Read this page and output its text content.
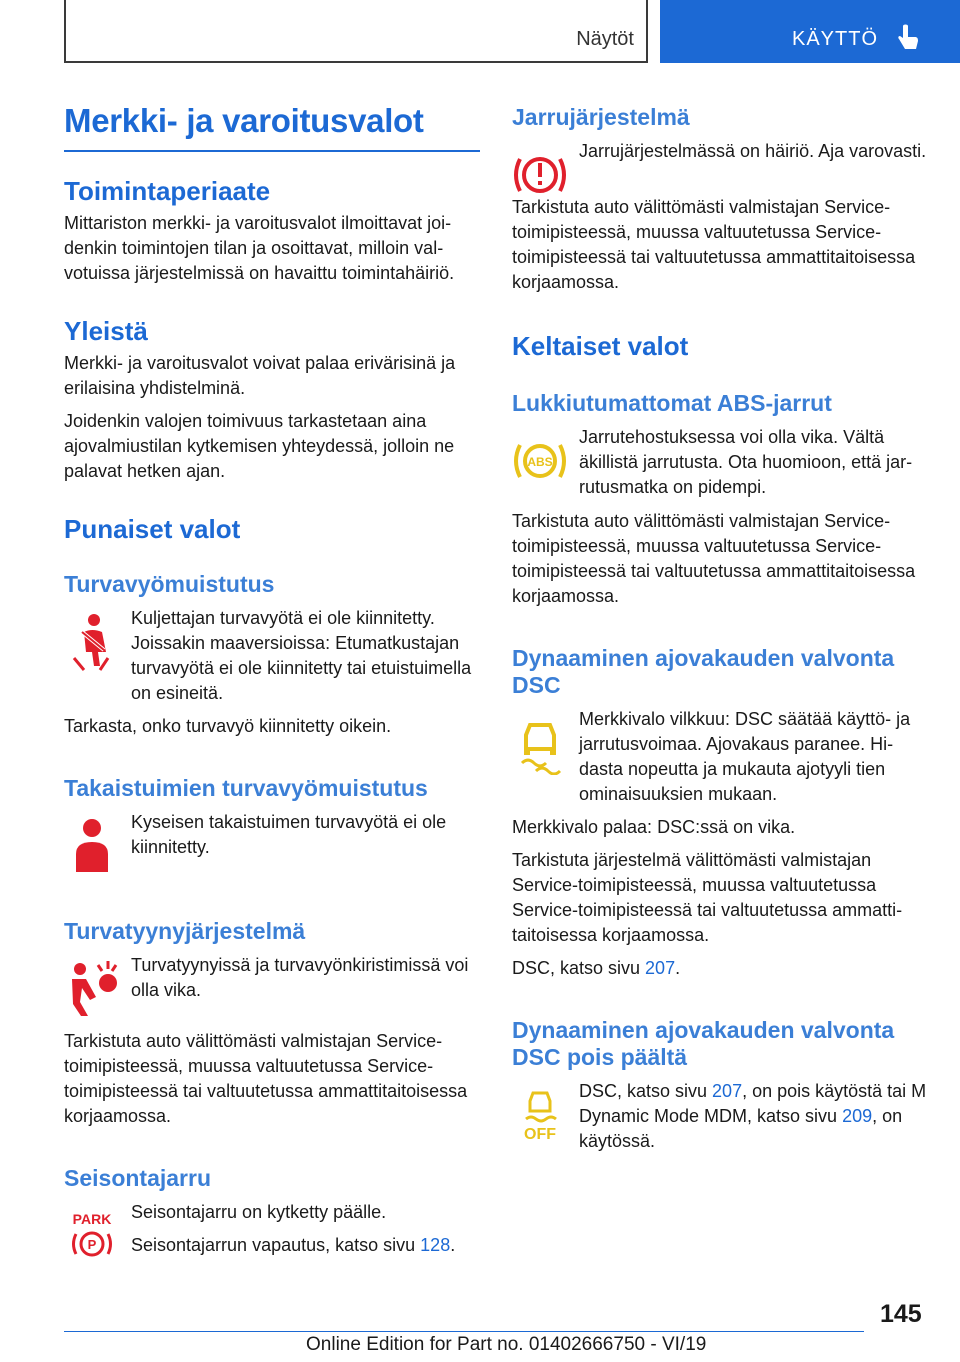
Näytöt	KÄYTTÖ
Merkki- ja varoitusvalot
Toimintaperiaate

Mittariston merkki- ja varoitusvalot ilmoittavat joidenkin toimintojen tilan ja osoittavat, milloin valvotuissa järjestelmissä on havaittu toimintahäiriö.

Yleistä

Merkki- ja varoitusvalot voivat palaa erivärisinä ja erilaisina yhdistelminä.

Joidenkin valojen toimivuus tarkastetaan aina ajovalmiustilan kytkemisen yhteydessä, jolloin ne palavat hetken ajan.

Punaiset valot
Turvavyömuistutus

Kuljettajan turvavyötä ei ole kiinnitetty. Joissakin maaversioissa: Etumatkustajan turvavyötä ei ole kiinnitetty tai etuistuimella on esineitä.

Tarkasta, onko turvavyö kiinnitetty oikein.

Takaistuimien turvavyömuistutus

Kyseisen takaistuimen turvavyötä ei ole kiinnitetty.

Turvatyynyjärjestelmä

Turvatyynyissä ja turvavyönkiristimissä voi olla vika.

Tarkistuta auto välittömästi valmistajan Service-toimipisteessä, muussa valtuutetussa Service-toimipisteessä tai valtuutetussa ammattitaitoisessa korjaamossa.

Seisontajarru
PARK
P

Seisontajarru on kytketty päälle.

Seisontajarrun vapautus, katso sivu 128.

Jarrujärjestelmä

Jarrujärjestelmässä on häiriö. Aja varovasti.

Tarkistuta auto välittömästi valmistajan Service-toimipisteessä, muussa valtuutetussa Service-toimipisteessä tai valtuutetussa ammattitaitoisessa korjaamossa.

Keltaiset valot
Lukkiutumattomat ABS-jarrut
ABS

Jarrutehostuksessa voi olla vika. Vältä äkillistä jarrutusta. Ota huomioon, että jarrutusmatka on pidempi.

Tarkistuta auto välittömästi valmistajan Service-toimipisteessä, muussa valtuutetussa Service-toimipisteessä tai valtuutetussa ammattitaitoisessa korjaamossa.

Dynaaminen ajovakauden valvonta DSC

Merkkivalo vilkkuu: DSC säätää käyttö- ja jarrutusvoimaa. Ajovakaus paranee. Hidasta nopeutta ja mukauta ajotyyli tien ominaisuuksien mukaan.

Merkkivalo palaa: DSC:ssä on vika.

Tarkistuta järjestelmä välittömästi valmistajan Service-toimipisteessä, muussa valtuutetussa Service-toimipisteessä tai valtuutetussa ammattitaitoisessa korjaamossa.

DSC, katso sivu 207.

Dynaaminen ajovakauden valvonta DSC pois päältä
OFF

DSC, katso sivu 207, on pois käytöstä tai M Dynamic Mode MDM, katso sivu 209, on käytössä.

145
Online Edition for Part no. 01402666750 - VI/19
